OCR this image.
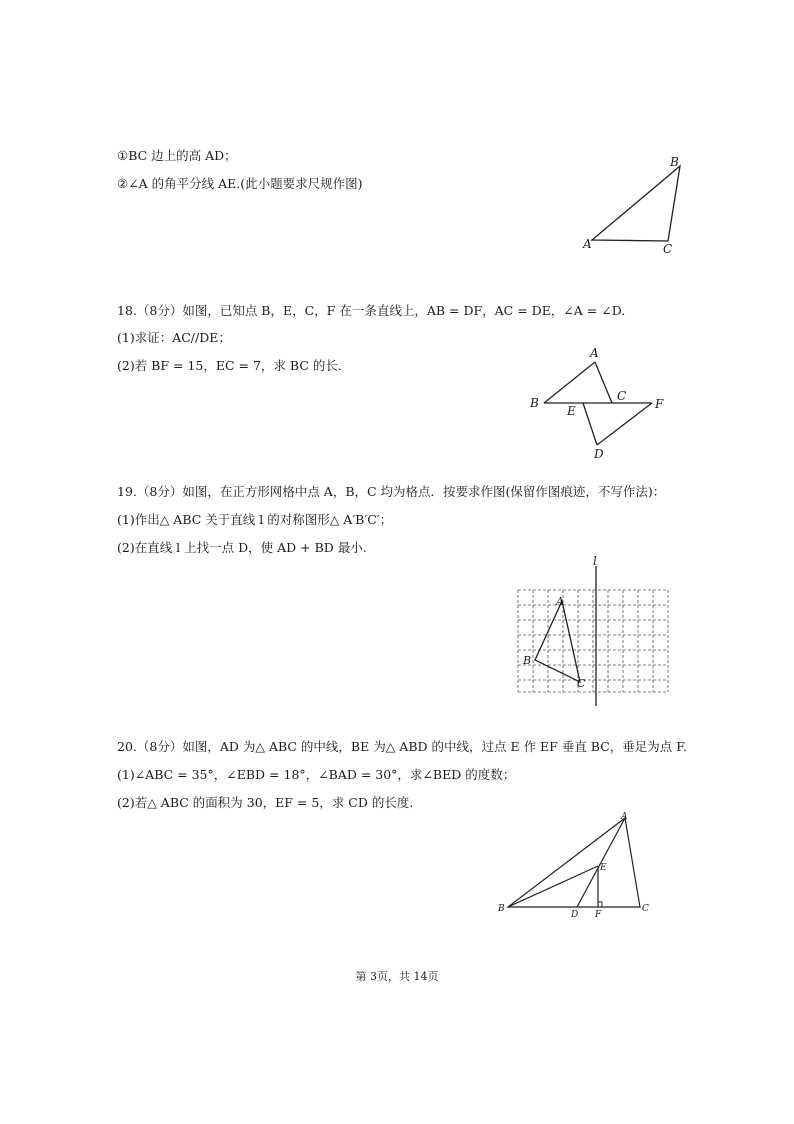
①BC 边上的高 AD；
②∠A 的角平分线 AE.(此小题要求尺规作图)
A
B
C
18.（8分）如图，已知点 B，E，C，F 在一条直线上，AB = DF，AC = DE，∠A = ∠D.
(1)求证：AC//DE；
(2)若 BF = 15，EC = 7，求 BC 的长.
A
B	C
E	F
D
19.（8分）如图，在正方形网格中点 A，B，C 均为格点．按要求作图(保留作图痕迹，不写作法)：
(1)作出△ ABC 关于直线 l 的对称图形△ A′B′C′；
(2)在直线 l 上找一点 D，使 AD + BD 最小.
l
A
B
C
20.（8分）如图，AD 为△ ABC 的中线，BE 为△ ABD 的中线，过点 E 作 EF 垂直 BC，垂足为点 F.
(1)∠ABC = 35°，∠EBD = 18°，∠BAD = 30°，求∠BED 的度数；
(2)若△ ABC 的面积为 30，EF = 5，求 CD 的长度.
A
B	C
D
E
F
第 3页，共 14页
